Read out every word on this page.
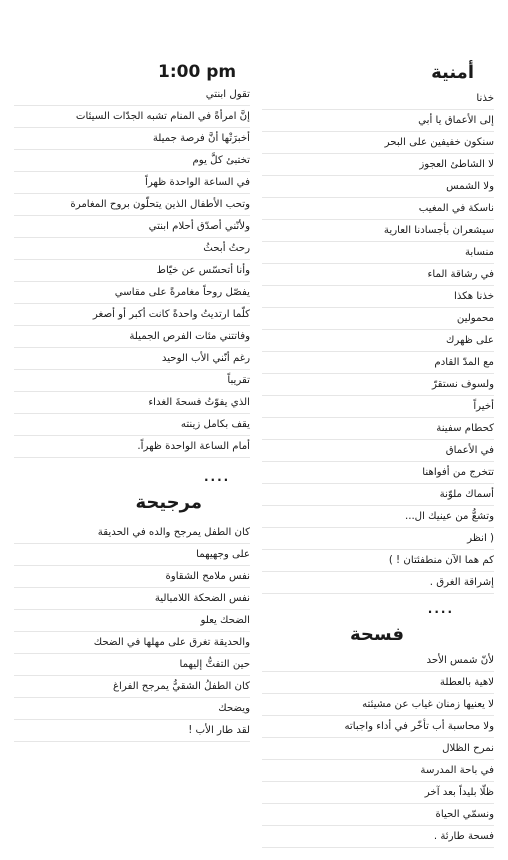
1:00 pm
تقول ابنتي
إنَّ امرأةً في المنام تشبه الجدّات السيئات
أخبرَتْها أنَّ فرصة جميلة
تختبئ كلَّ يوم
في الساعة الواحدة ظهراً
وتحب الأطفال الذين يتحلّون بروح المغامرة
ولأنّني أصدّق أحلام ابنتي
رحتُ أبحثُ
وأنا أتحسّس عن خيّاط
يفصّل روحاً مغامرةً على مقاسي
كلّما ارتديتُ واحدةً كانت أكبر أو أصغر
وفاتتني مئات الفرص الجميلة
رغم أنّني الأب الوحيد
تقريباً
الذي يفوّتُ فسحةَ الغداء
يقف بكامل زينته
أمام الساعة الواحدة ظهراً.
....
مرجيحة
كان الطفل يمرجح والده في الحديقة
على وجهيهما
نفس ملامح الشقاوة
نفس الضحكة اللامبالية
الضحك يعلو
والحديقة تغرق على مهلها في الضحك
حين التفتُّ إليهما
كان الطفلُ الشقيُّ يمرجح الفراغ
ويضحك
لقد طار الأب !
أمنية
خذنا
إلى الأعماق يا أبي
سنكون خفيفين على البحر
لا الشاطئ العجوز
ولا الشمس
ناسكة في المغيب
سيشعران بأجسادنا العارية
منسابة
في رشاقة الماء
خذنا هكذا
محمولين
على ظهرك
مع المدّ القادم
ولسوف نستقرّ
أخيراً
كحطام سفينة
في الأعماق
تتخرج من أفواهنا
أسماك ملوّنة
وتشعُّ من عينيك ال...
( انظر
كم هما الآن منطفئتان ! )
إشراقة الغرق .
....
فسحة
لأنّ شمس الأحد
لاهية بالعطلة
لا يعنيها زمنان غياب عن مشيئته
ولا محاسبة أب تأخّر في أداء واجباته
نمرح الظلال
في باحة المدرسة
ظلّا بليداً بعد آخر
ونسمّي الحياة
فسحة طارئة .
